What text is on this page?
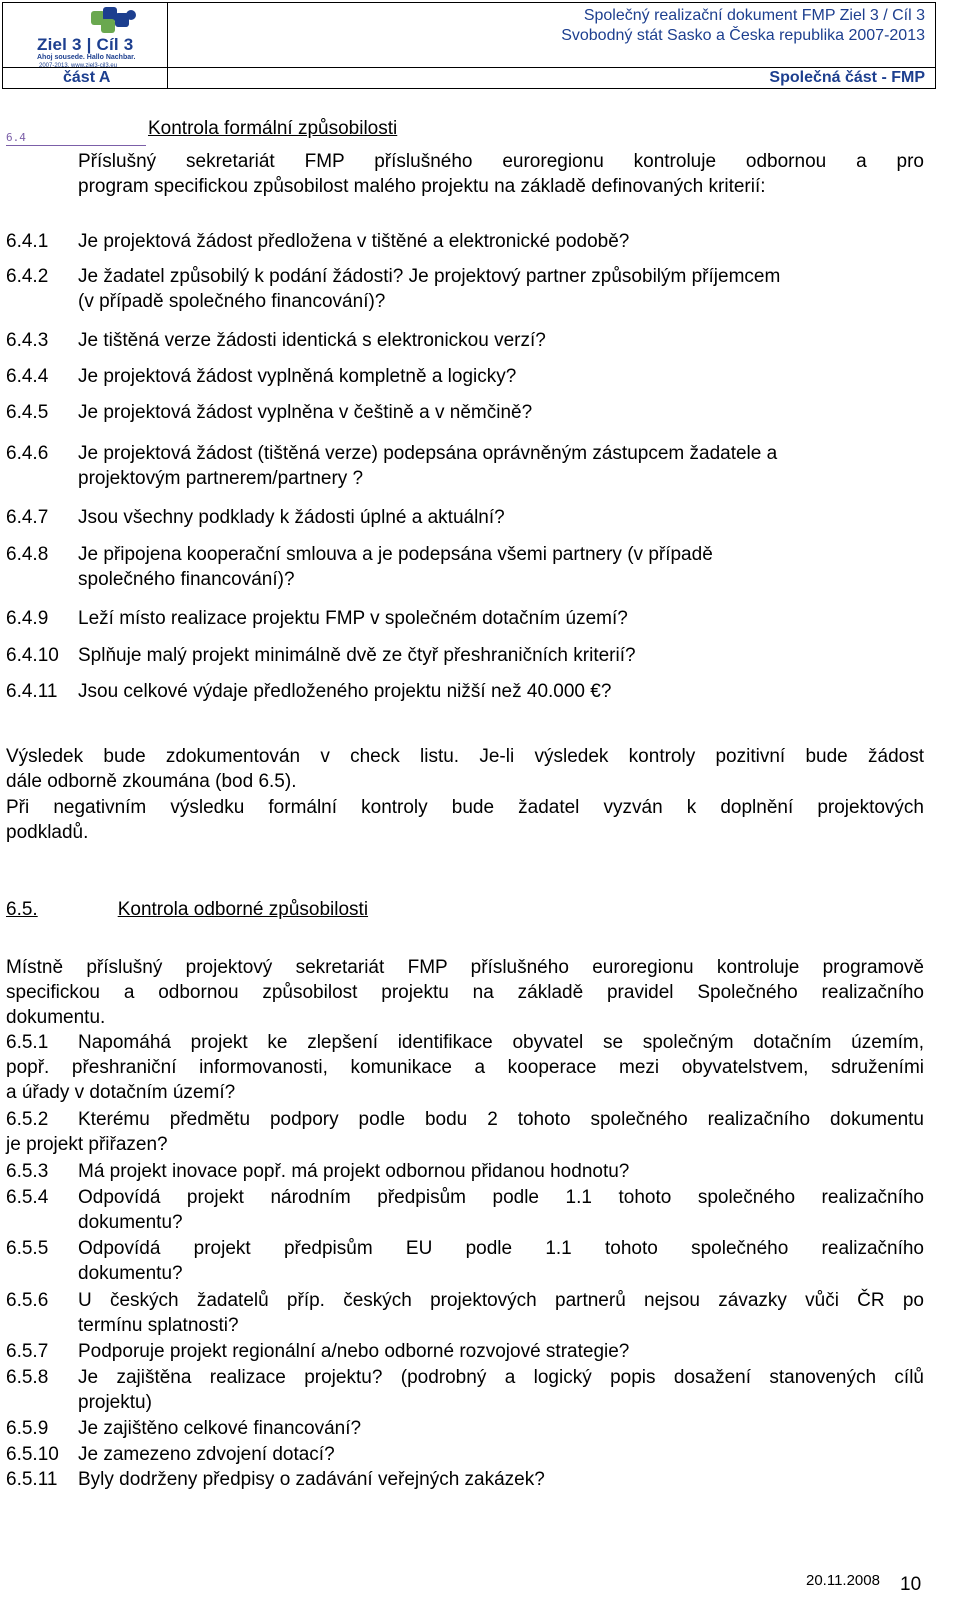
Ziel 3 | Cíl 3
Ahoj sousede. Hallo Nachbar.
2007-2013, www.ziel3-cil3.eu
Společný realizační dokument FMP Ziel 3 / Cíl 3
Svobodný stát Sasko a Česka republika 2007-2013
část A	Společná část - FMP
6.4	Kontrola formální způsobilosti
Příslušný sekretariát FMP příslušného euroregionu kontroluje odbornou a pro
program specifickou způsobilost malého projektu na základě definovaných kriterií:
6.4.1 Je projektová žádost předložena v tištěné a elektronické podobě?
6.4.2 Je žadatel způsobilý k podání žádosti? Je projektový partner způsobilým příjemcem
(v případě společného financování)?
6.4.3 Je tištěná verze žádosti identická s elektronickou verzí?
6.4.4 Je projektová žádost vyplněná kompletně a logicky?
6.4.5 Je projektová žádost vyplněna v češtině a v němčině?
6.4.6 Je projektová žádost (tištěná verze) podepsána oprávněným zástupcem žadatele a
projektovým partnerem/partnery ?
6.4.7 Jsou všechny podklady k žádosti úplné a aktuální?
6.4.8 Je připojena kooperační smlouva a je podepsána všemi partnery (v případě
společného financování)?
6.4.9 Leží místo realizace projektu FMP v společném dotačním území?
6.4.10 Splňuje malý projekt minimálně dvě ze čtyř přeshraničních kriterií?
6.4.11 Jsou celkové výdaje předloženého projektu nižší než 40.000 €?
Výsledek bude zdokumentován v check listu. Je-li výsledek kontroly pozitivní bude žádost
dále odborně zkoumána (bod 6.5).
Při negativním výsledku formální kontroly bude žadatel vyzván k doplnění projektových
podkladů.
6.5.	Kontrola odborné způsobilosti
Místně příslušný projektový sekretariát FMP příslušného euroregionu kontroluje programově
specifickou a odbornou způsobilost projektu na základě pravidel Společného realizačního
dokumentu.
6.5.1 Napomáhá projekt ke zlepšení identifikace obyvatel se společným dotačním územím,
popř. přeshraniční informovanosti, komunikace a kooperace mezi obyvatelstvem, sdruženími
a úřady v dotačním území?
6.5.2 Kterému předmětu podpory podle bodu 2 tohoto společného realizačního dokumentu
je projekt přiřazen?
6.5.3 Má projekt inovace popř. má projekt odbornou přidanou hodnotu?
6.5.4 Odpovídá projekt národním předpisům podle 1.1 tohoto společného realizačního
dokumentu?
6.5.5 Odpovídá projekt předpisům EU podle 1.1 tohoto společného realizačního
dokumentu?
6.5.6 U českých žadatelů příp. českých projektových partnerů nejsou závazky vůči ČR po
termínu splatnosti?
6.5.7 Podporuje projekt regionální a/nebo odborné rozvojové strategie?
6.5.8 Je zajištěna realizace projektu? (podrobný a logický popis dosažení stanovených cílů
projektu)
6.5.9 Je zajištěno celkové financování?
6.5.10 Je zamezeno zdvojení dotací?
6.5.11 Byly dodrženy předpisy o zadávání veřejných zakázek?
20.11.2008 10
